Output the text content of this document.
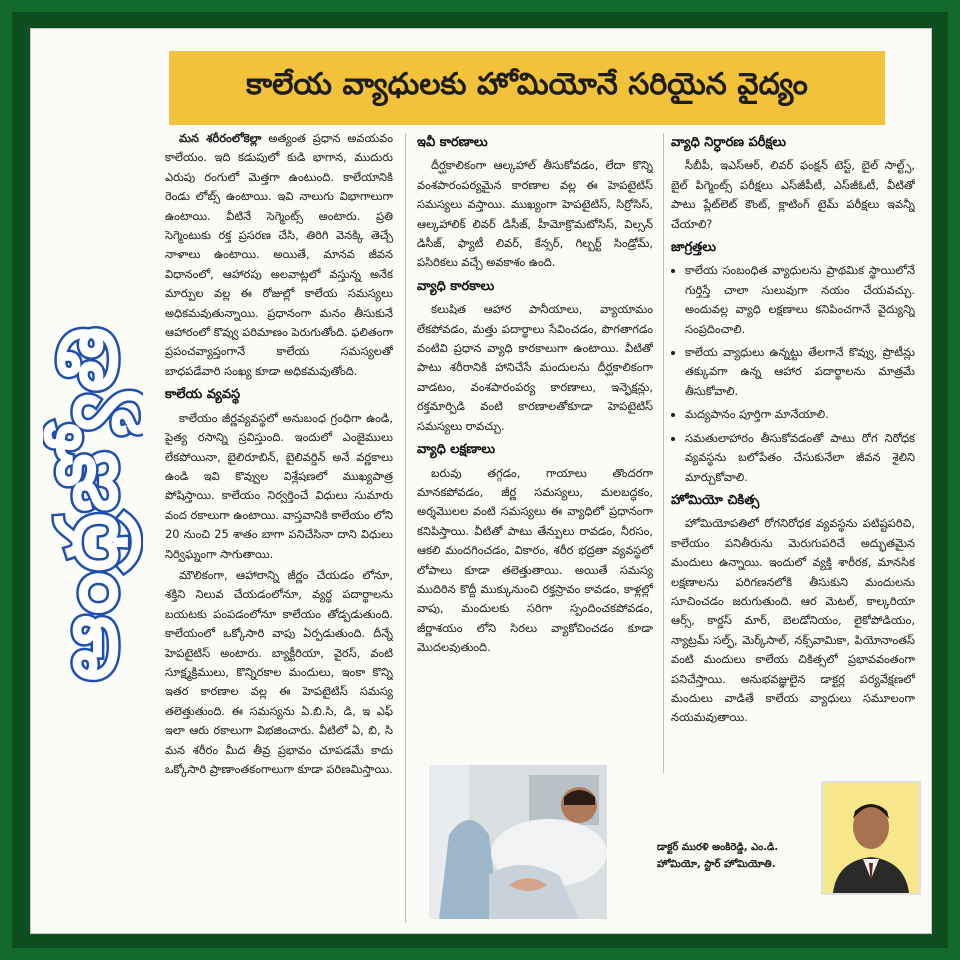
కాలేయ వ్యాధులకు హోమియోనే సరియైన వైద్యం
ఆంధ్రజ్యోతి

మన శరీరంలోకెల్లా అత్యంత ప్రధాన అవయవం కాలేయం. ఇది కడుపులో కుడి భాగాన, ముదురు ఎరుపు రంగులో మెత్తగా ఉంటుంది. కాలేయానికి రెండు లోబ్స్ ఉంటాయి. ఇవి నాలుగు విభాగాలుగా ఉంటాయి. వీటినే సెగ్మెంట్స్ అంటారు. ప్రతి సెగ్మెంటుకు రక్త ప్రసరణ చేసి, తిరిగి వెనక్కి తెచ్చే నాళాలు ఉంటాయి. అయితే, మానవ జీవన విధానంలో, ఆహారపు అలవాట్లలో వస్తున్న అనేక మార్పుల వల్ల ఈ రోజుల్లో కాలేయ సమస్యలు అధికమవుతున్నాయి. ప్రధానంగా మనం తీసుకునే ఆహారంలో కొవ్వు పరిమాణం పెరుగుతోంది. ఫలితంగా ప్రపంచవ్యాప్తంగానే కాలేయ సమస్యలతో బాధపడేవారి సంఖ్య కూడా అధికమవుతోంది.

కాలేయ వ్యవస్థ

కాలేయం జీర్ణవ్యవస్థలో అనుబంధ గ్రంధిగా ఉండి, పైత్య రసాన్ని స్రవిస్తుంది. ఇందులో ఎంజైములు లేకపోయినా, బైలిరూబిన్, బైలివర్డిన్ అనే వర్ణకాలు ఉండి ఇవి కొవ్వుల విశ్లేషణలో ముఖ్యపాత్ర పోషిస్తాయి. కాలేయం నిర్వర్తించే విధులు సుమారు వంద రకాలుగా ఉంటాయి. వాస్తవానికి కాలేయం లోని 20 నుంచి 25 శాతం బాగా పనిచేసినా దాని విధులు నిర్విఘ్నంగా సాగుతాయి.

మౌలికంగా, ఆహారాన్ని జీర్ణం చేయడం లోనూ, శక్తిని నిలువ చేయడంలోనూ, వ్యర్థ పదార్థాలను బయటకు పంపడంలోనూ కాలేయం తోడ్పడుతుంది. కాలేయంలో ఒక్కోసారి వాపు ఏర్పడుతుంది. దీన్నే హెపటైటిస్ అంటారు. బ్యాక్టీరియా, వైరస్, వంటి సూక్ష్మక్రిములు, కొన్నిరకాల మందులు, ఇంకా కొన్ని ఇతర కారణాల వల్ల ఈ హెపటైటిస్ సమస్య తలెత్తుతుంది. ఈ సమస్యను ఏ.బి.సి, డి, ఇ ఎఫ్ ఇలా ఆరు రకాలుగా విభజించారు. వీటిలో ఏ, బి, సి మన శరీరం మీద తీవ్ర ప్రభావం చూపడమే కాదు ఒక్కోసారి ప్రాణాంతకంగాలుగా కూడా పరిణమిస్తాయి.

ఇవీ కారణాలు

దీర్ఘకాలికంగా ఆల్కహాల్ తీసుకోవడం, లేదా కొన్ని వంశపారంపర్యమైన కారణాల వల్ల ఈ హెపటైటిస్ సమస్యలు వస్తాయి. ముఖ్యంగా హెపటైటిస్, సిర్రోసిస్, ఆల్కహాలిక్ లివర్ డిసీజ్, హీమోక్రొమటోసిస్, విల్సన్ డిసీజ్, ఫ్యాటీ లివర్, కేన్సర్, గిల్బర్ట్ సిండ్రోమ్, పసిరికలు వచ్చే అవకాశం ఉంది.

వ్యాధి కారకాలు

కలుషిత ఆహార పానీయాలు, వ్యాయామం లేకపోవడం, మత్తు పదార్థాలు సేవించడం, పొగతాగడం వంటివి ప్రధాన వ్యాధి కారకాలుగా ఉంటాయి. వీటితో పాటు శరీరానికి హానిచేసే మందులను దీర్ఘకాలికంగా వాడటం, వంశపారంపర్య కారణాలు, ఇన్ఫెక్షన్లు, రక్తమార్పిడి వంటి కారణాలతోకూడా హెపటైటిస్ సమస్యలు రావచ్చు.

వ్యాధి లక్షణాలు

బరువు తగ్గడం, గాయాలు తొందరగా మానకపోవడం, జీర్ణ సమస్యలు, మలబద్ధకం, అర్శమొలల వంటి సమస్యలు ఈ వ్యాధిలో ప్రధానంగా కనిపిస్తాయి. వీటితో పాటు తేన్పులు రావడం, నీరసం, ఆకలి మందగించడం, వికారం, శరీర భద్రతా వ్యవస్థలో లోపాలు కూడా తలెత్తుతాయి. అయితే సమస్య ముదిరిన కొద్దీ ముక్కునుంచి రక్తస్రావం కావడం, కాళ్లల్లో వాపు, మందులకు సరిగా స్పందించకపోవడం, జీర్ణాశయం లోని సిరలు వ్యాకోచించడం కూడా మొదలవుతుంది.

వ్యాధి నిర్ధారణ పరీక్షలు

సీబీపీ, ఇఎస్ఆర్, లివర్ ఫంక్షన్ టెస్ట్, బైల్ సాల్ట్స్, బైల్ పిగ్మెంట్స్ పరీక్షలు ఎస్‌జీపీటీ, ఎస్‌జీఓటీ, వీటితో పాటు ప్లేట్‌లెట్ కౌంట్, క్లాటింగ్ టైమ్ పరీక్షలు ఇవన్నీ చేయాలి?

జాగ్రత్తలు
• కాలేయ సంబంధిత వ్యాధులను ప్రాథమిక స్థాయిలోనే గుర్తిస్తే చాలా సులువుగా నయం చేయవచ్చు. అందువల్ల వ్యాధి లక్షణాలు కనిపించగానే వైద్యున్ని సంప్రదించాలి.
• కాలేయ వ్యాధులు ఉన్నట్టు తేలగానే కొవ్వు, ప్రొటీన్లు తక్కువగా ఉన్న ఆహార పదార్థాలను మాత్రమే తీసుకోవాలి.
• మద్యపానం పూర్తిగా మానేయాలి.
• సమతులాహారం తీసుకోవడంతో పాటు రోగ నిరోధక వ్యవస్థను బలోపేతం చేసుకునేలా జీవన శైలిని మార్చుకోవాలి.
హోమియో చికిత్స

హోమియోపతిలో రోగనిరోధక వ్యవస్థను పటిష్టపరిచి, కాలేయం పనితీరును మెరుగుపరిచే అద్భుతమైన మందులు ఉన్నాయి. ఇందులో వ్యక్తి శారీరక, మానసిక లక్షణాలను పరిగణనలోకి తీసుకుని మందులను సూచించడం జరుగుతుంది. ఆర మెటల్, కాల్కరియా ఆర్స్, కార్డస్ మార్, బెలడోనియం, లైకోపోడియం, న్యాట్రమ్ సల్ఫ్, మెర్క్‌సాల్, నక్స్‌వామికా, పియోనాంతస్ వంటి మందులు కాలేయ చికిత్సలో ప్రభావవంతంగా పనిచేస్తాయి. అనుభవజ్ఞులైన డాక్టర్ల పర్యవేక్షణలో మందులు వాడితే కాలేయ వ్యాధులు సమూలంగా నయమవుతాయి.

డాక్టర్ మురళి అంకిరెడ్డి, ఎం.డి.
హోమియో, స్టార్ హోమియోతి.
